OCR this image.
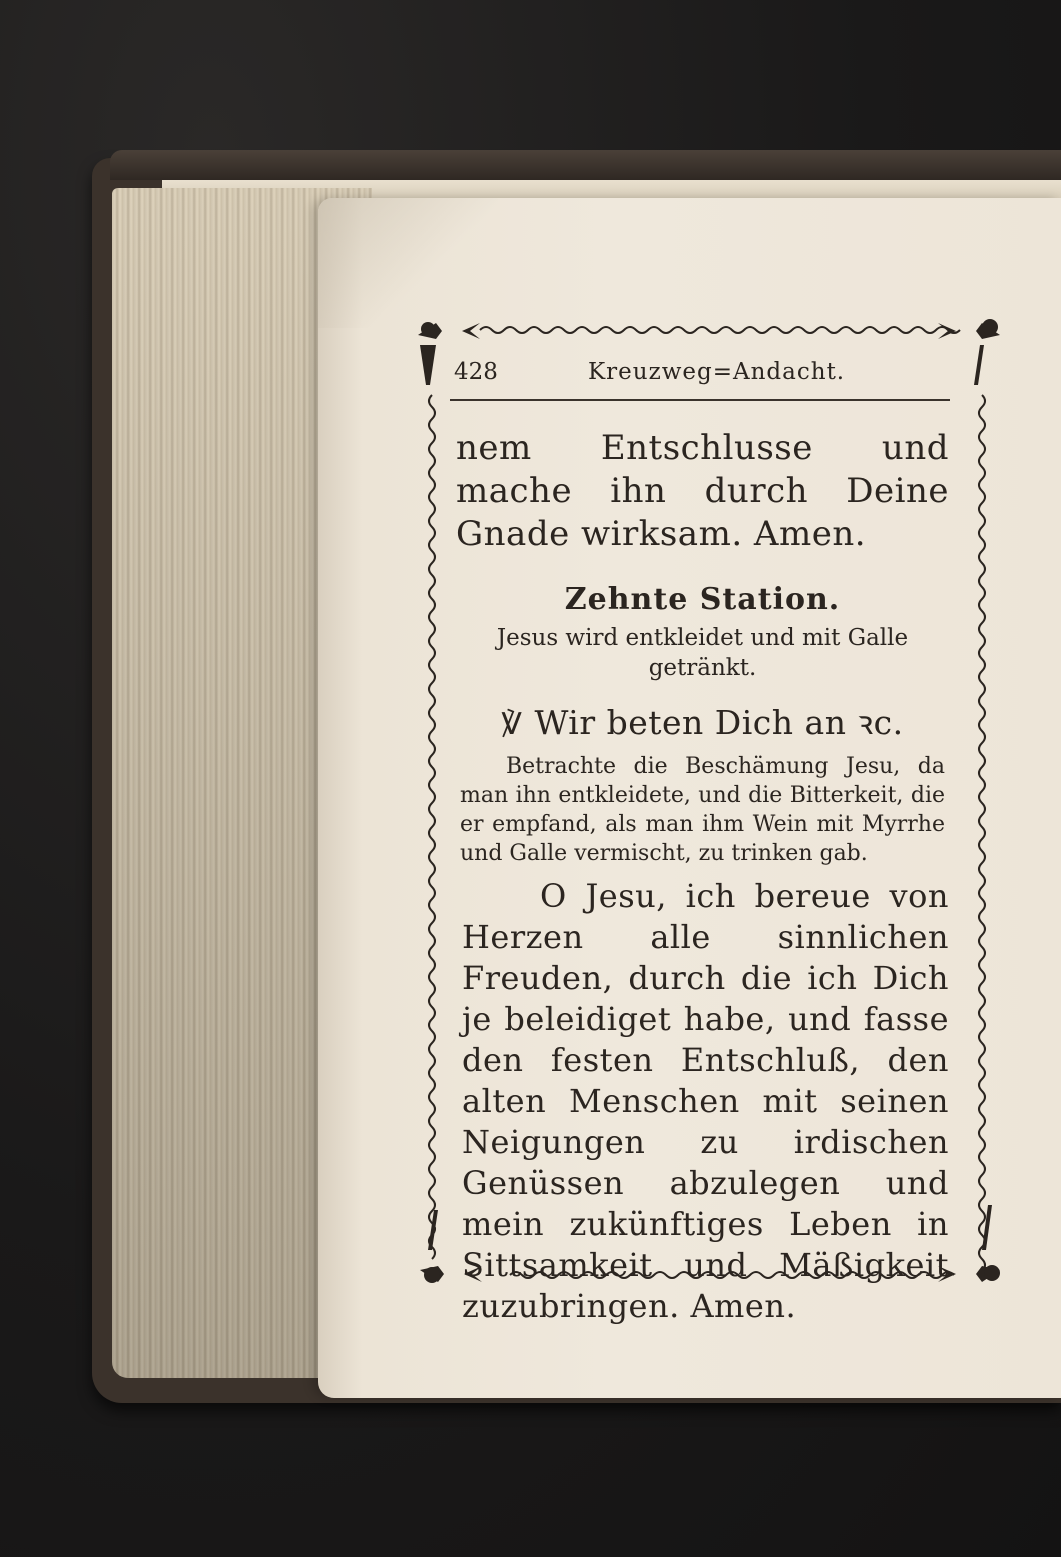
428	Kreuzweg=Andacht.
nem Entschlusse und mache ihn durch Deine Gnade wirksam. Amen.
Zehnte Station.
Jesus wird entkleidet und mit Galle getränkt.
℣ Wir beten Dich an ꝛc.
Betrachte die Beschämung Jesu, da man ihn entkleidete, und die Bitterkeit, die er empfand, als man ihm Wein mit Myrrhe und Galle vermischt, zu trinken gab.
O Jesu, ich bereue von Herzen alle sinnlichen Freuden, durch die ich Dich je beleidiget habe, und fasse den festen Entschluß, den alten Menschen mit seinen Neigungen zu irdischen Genüssen abzulegen und mein zukünftiges Leben in Sittsamkeit und Mäßigkeit zuzubringen. Amen.
